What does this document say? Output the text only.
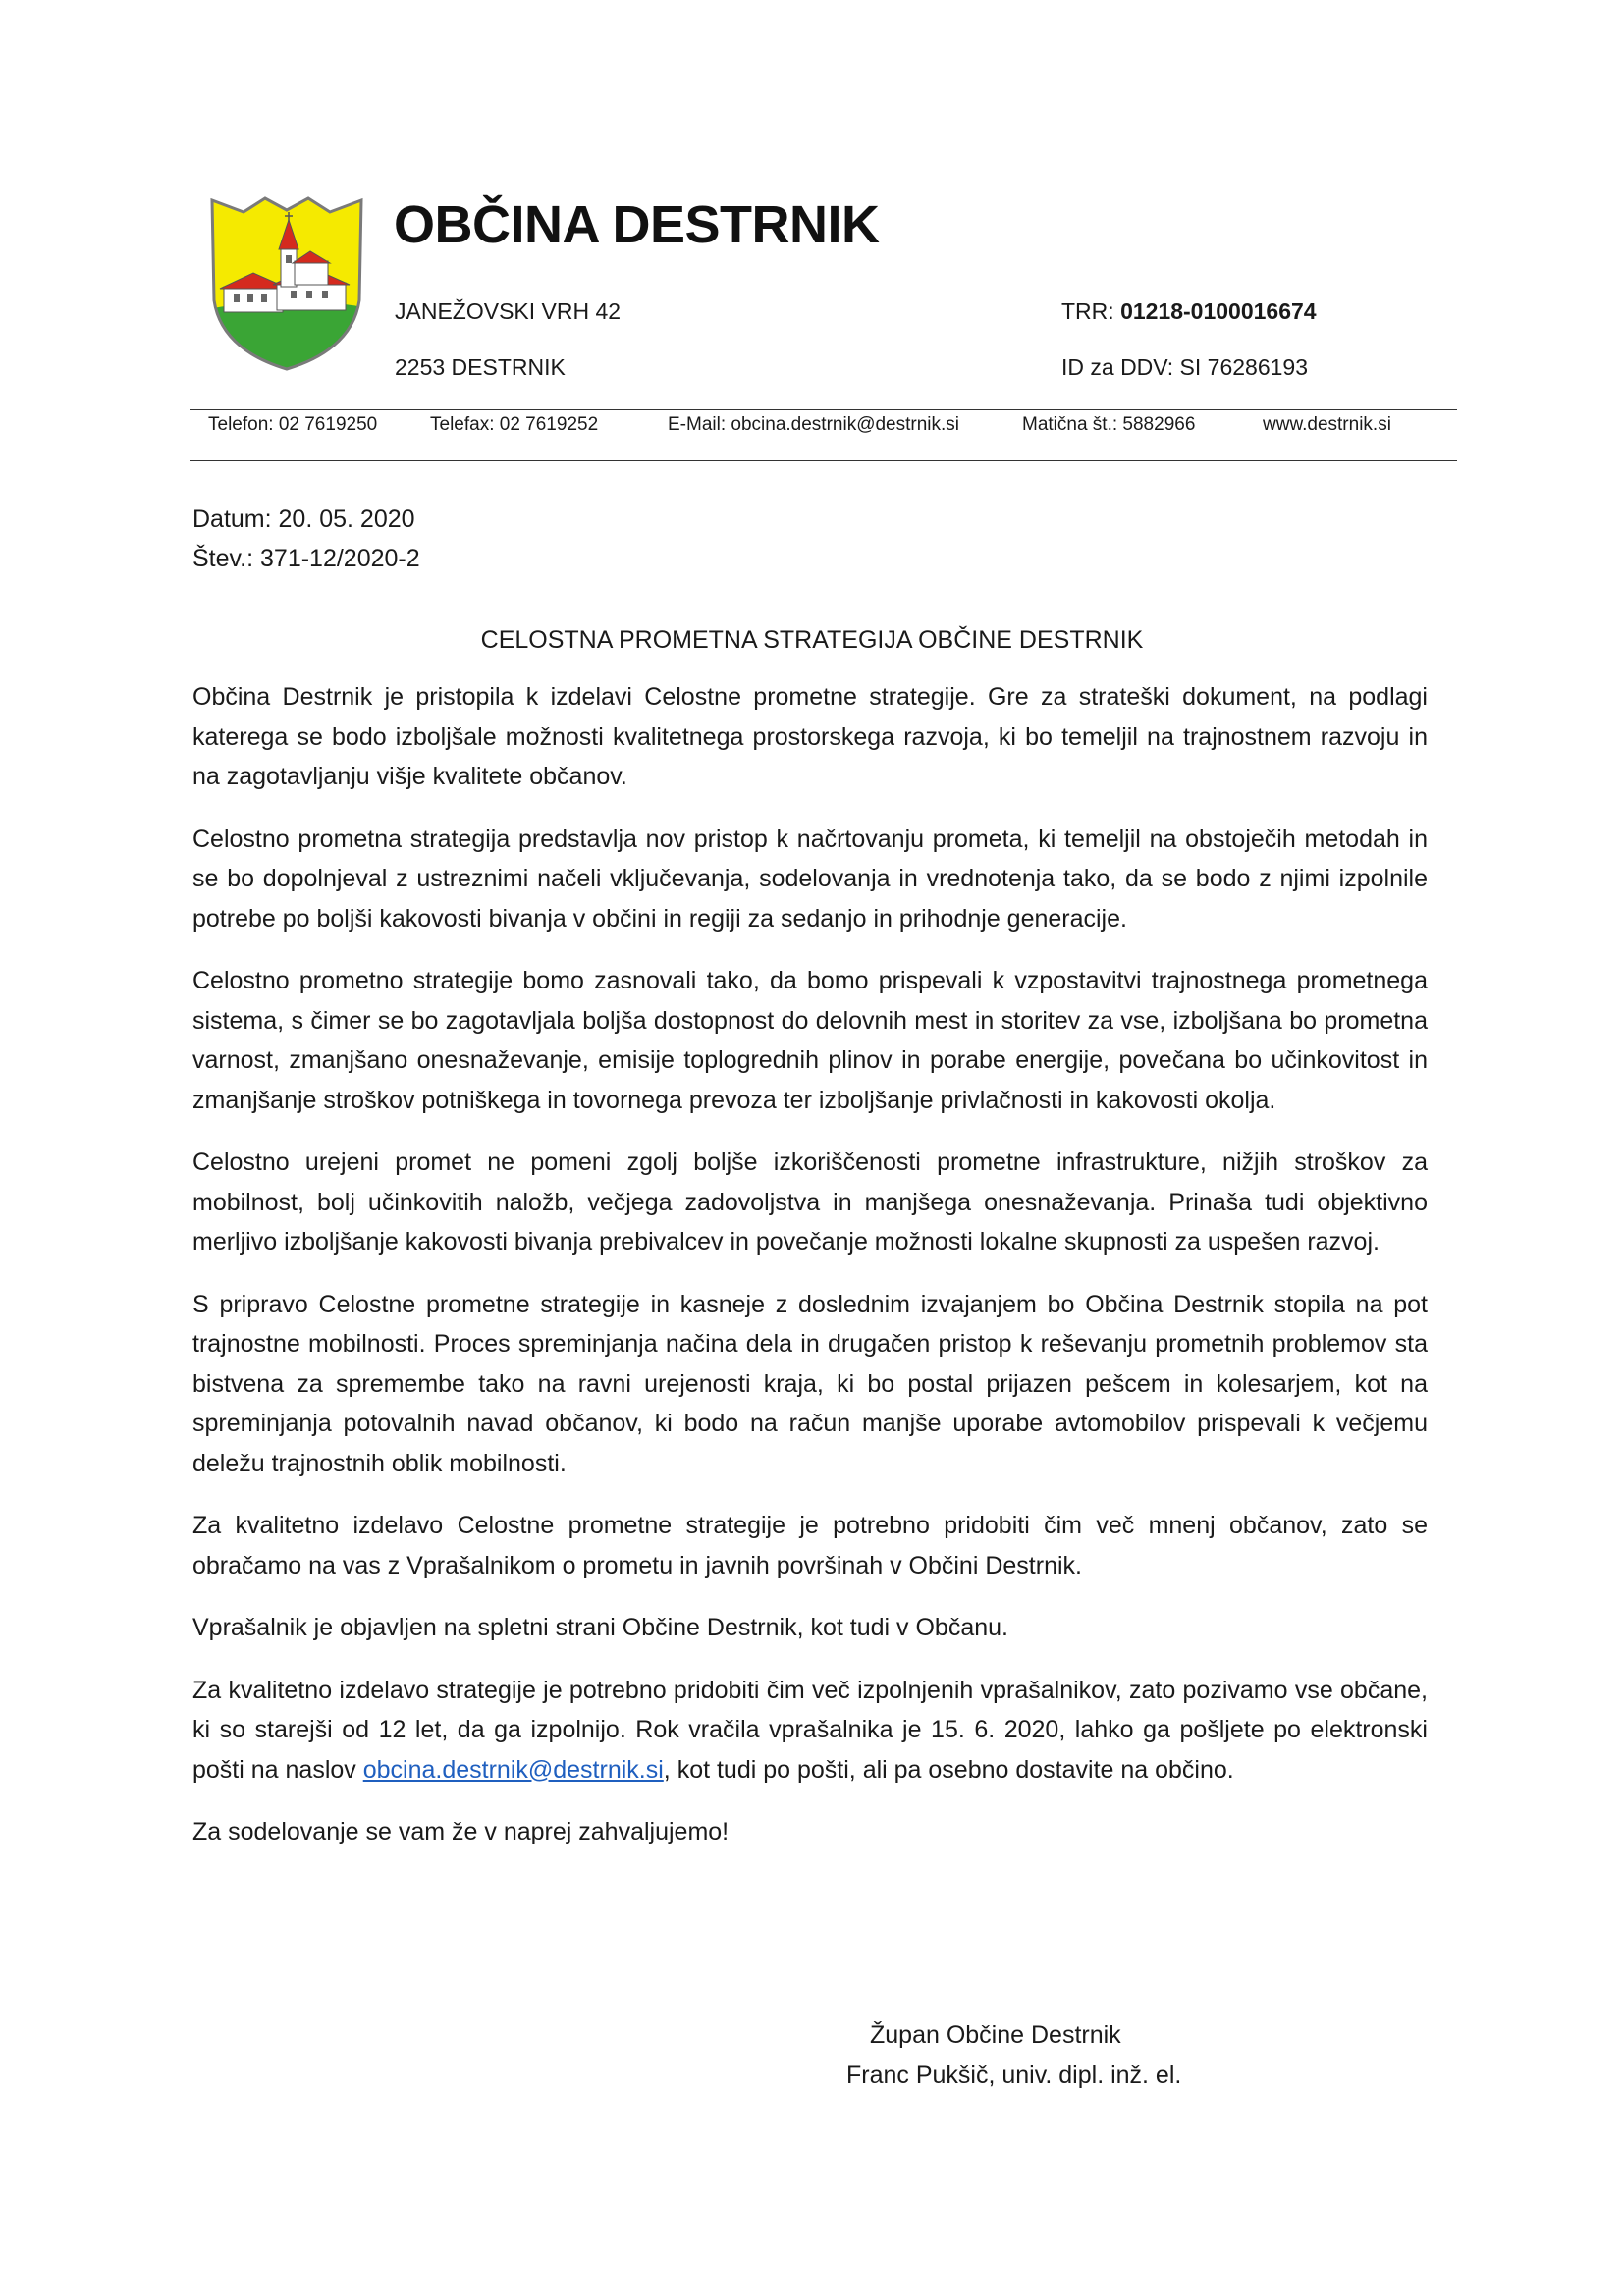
OBČINA DESTRNIK
JANEŽOVSKI VRH 42
2253 DESTRNIK
TRR: 01218-0100016674
ID za DDV: SI 76286193
Telefon: 02 7619250	Telefax: 02 7619252	E-Mail: obcina.destrnik@destrnik.si	Matična št.: 5882966	www.destrnik.si
Datum: 20. 05. 2020
Štev.: 371-12/2020-2
CELOSTNA PROMETNA STRATEGIJA OBČINE DESTRNIK

Občina Destrnik je pristopila k izdelavi Celostne prometne strategije. Gre za strateški dokument, na podlagi katerega se bodo izboljšale možnosti kvalitetnega prostorskega razvoja, ki bo temeljil na trajnostnem razvoju in na zagotavljanju višje kvalitete občanov.

Celostno prometna strategija predstavlja nov pristop k načrtovanju prometa, ki temeljil na obstoječih metodah in se bo dopolnjeval z ustreznimi načeli vključevanja, sodelovanja in vrednotenja tako, da se bodo z njimi izpolnile potrebe po boljši kakovosti bivanja v občini in regiji za sedanjo in prihodnje generacije.

Celostno prometno strategije bomo zasnovali tako, da bomo prispevali k vzpostavitvi trajnostnega prometnega sistema, s čimer se bo zagotavljala boljša dostopnost do delovnih mest in storitev za vse, izboljšana bo prometna varnost, zmanjšano onesnaževanje, emisije toplogrednih plinov in porabe energije, povečana bo učinkovitost in zmanjšanje stroškov potniškega in tovornega prevoza ter izboljšanje privlačnosti in kakovosti okolja.

Celostno urejeni promet ne pomeni zgolj boljše izkoriščenosti prometne infrastrukture, nižjih stroškov za mobilnost, bolj učinkovitih naložb, večjega zadovoljstva in manjšega onesnaževanja. Prinaša tudi objektivno merljivo izboljšanje kakovosti bivanja prebivalcev in povečanje možnosti lokalne skupnosti za uspešen razvoj.

S pripravo Celostne prometne strategije in kasneje z doslednim izvajanjem bo Občina Destrnik stopila na pot trajnostne mobilnosti. Proces spreminjanja načina dela in drugačen pristop k reševanju prometnih problemov sta bistvena za spremembe tako na ravni urejenosti kraja, ki bo postal prijazen pešcem in kolesarjem, kot na spreminjanja potovalnih navad občanov, ki bodo na račun manjše uporabe avtomobilov prispevali k večjemu deležu trajnostnih oblik mobilnosti.

Za kvalitetno izdelavo Celostne prometne strategije je potrebno pridobiti čim več mnenj občanov, zato se obračamo na vas z Vprašalnikom o prometu in javnih površinah v Občini Destrnik.

Vprašalnik je objavljen na spletni strani Občine Destrnik, kot tudi v Občanu.

Za kvalitetno izdelavo strategije je potrebno pridobiti čim več izpolnjenih vprašalnikov, zato pozivamo vse občane, ki so starejši od 12 let, da ga izpolnijo. Rok vračila vprašalnika je 15. 6. 2020, lahko ga pošljete po elektronski pošti na naslov obcina.destrnik@destrnik.si, kot tudi po pošti, ali pa osebno dostavite na občino.

Za sodelovanje se vam že v naprej zahvaljujemo!

Župan Občine Destrnik
Franc Pukšič, univ. dipl. inž. el.
